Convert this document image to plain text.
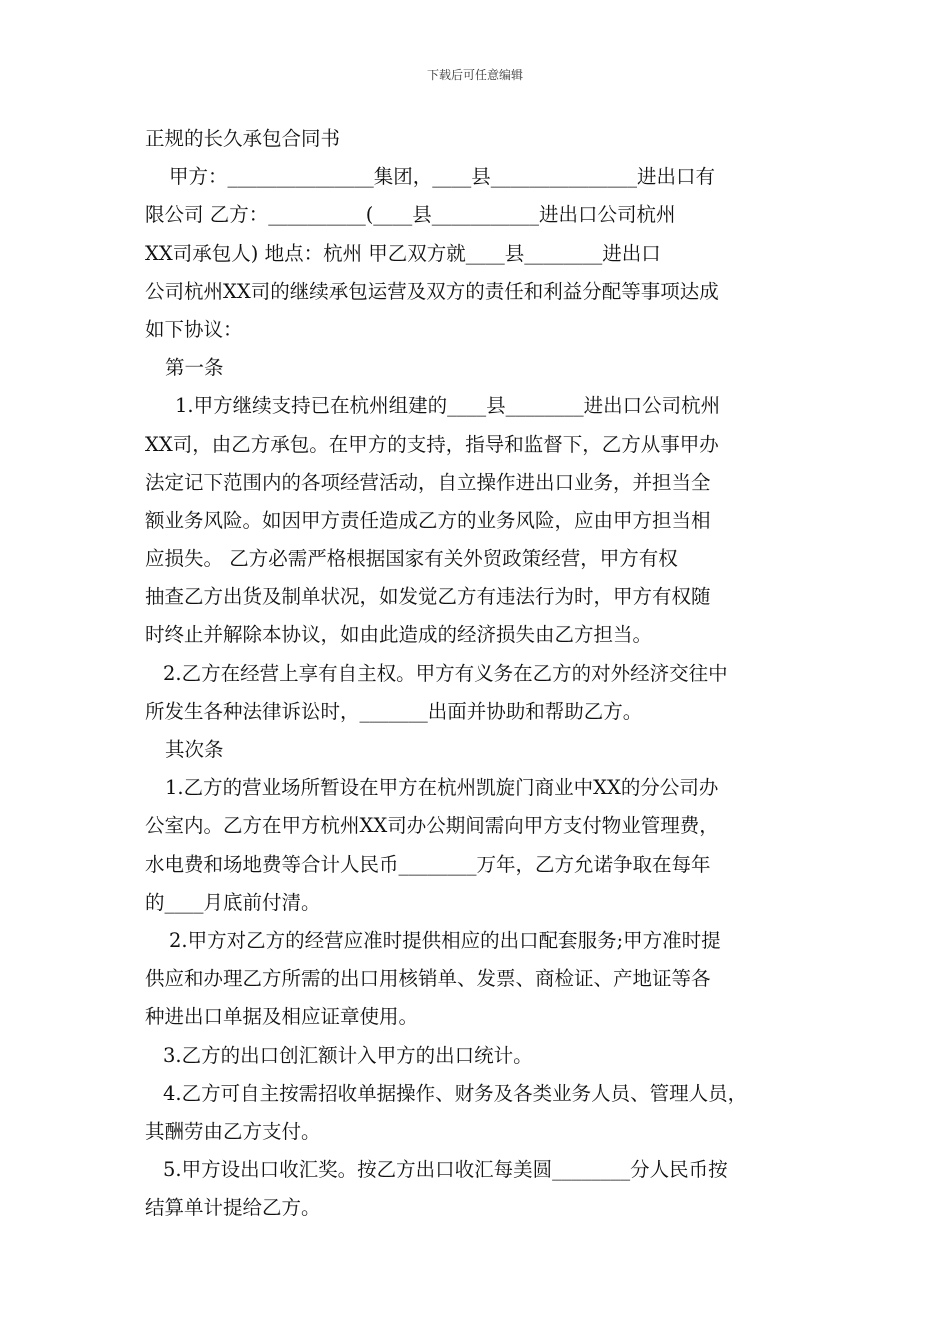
下载后可任意编辑
正规的长久承包合同书
甲方：_______________集团，____县_______________进出口有
限公司 乙方：__________(____县___________进出口公司杭州
XX司承包人) 地点：杭州 甲乙双方就____县________进出口
公司杭州XX司的继续承包运营及双方的责任和利益分配等事项达成
如下协议：
第一条
1.甲方继续支持已在杭州组建的____县________进出口公司杭州
XX司，由乙方承包。在甲方的支持，指导和监督下，乙方从事甲办
法定记下范围内的各项经营活动，自立操作进出口业务，并担当全
额业务风险。如因甲方责任造成乙方的业务风险，应由甲方担当相
应损失。 乙方必需严格根据国家有关外贸政策经营，甲方有权
抽查乙方出货及制单状况，如发觉乙方有违法行为时，甲方有权随
时终止并解除本协议，如由此造成的经济损失由乙方担当。
2.乙方在经营上享有自主权。甲方有义务在乙方的对外经济交往中
所发生各种法律诉讼时，_______出面并协助和帮助乙方。
其次条
1.乙方的营业场所暂设在甲方在杭州凯旋门商业中XX的分公司办
公室内。乙方在甲方杭州XX司办公期间需向甲方支付物业管理费，
水电费和场地费等合计人民币________万年，乙方允诺争取在每年
的____月底前付清。
2.甲方对乙方的经营应准时提供相应的出口配套服务;甲方准时提
供应和办理乙方所需的出口用核销单、发票、商检证、产地证等各
种进出口单据及相应证章使用。
3.乙方的出口创汇额计入甲方的出口统计。
4.乙方可自主按需招收单据操作、财务及各类业务人员、管理人员，
其酬劳由乙方支付。
5.甲方设出口收汇奖。按乙方出口收汇每美圆________分人民币按
结算单计提给乙方。
